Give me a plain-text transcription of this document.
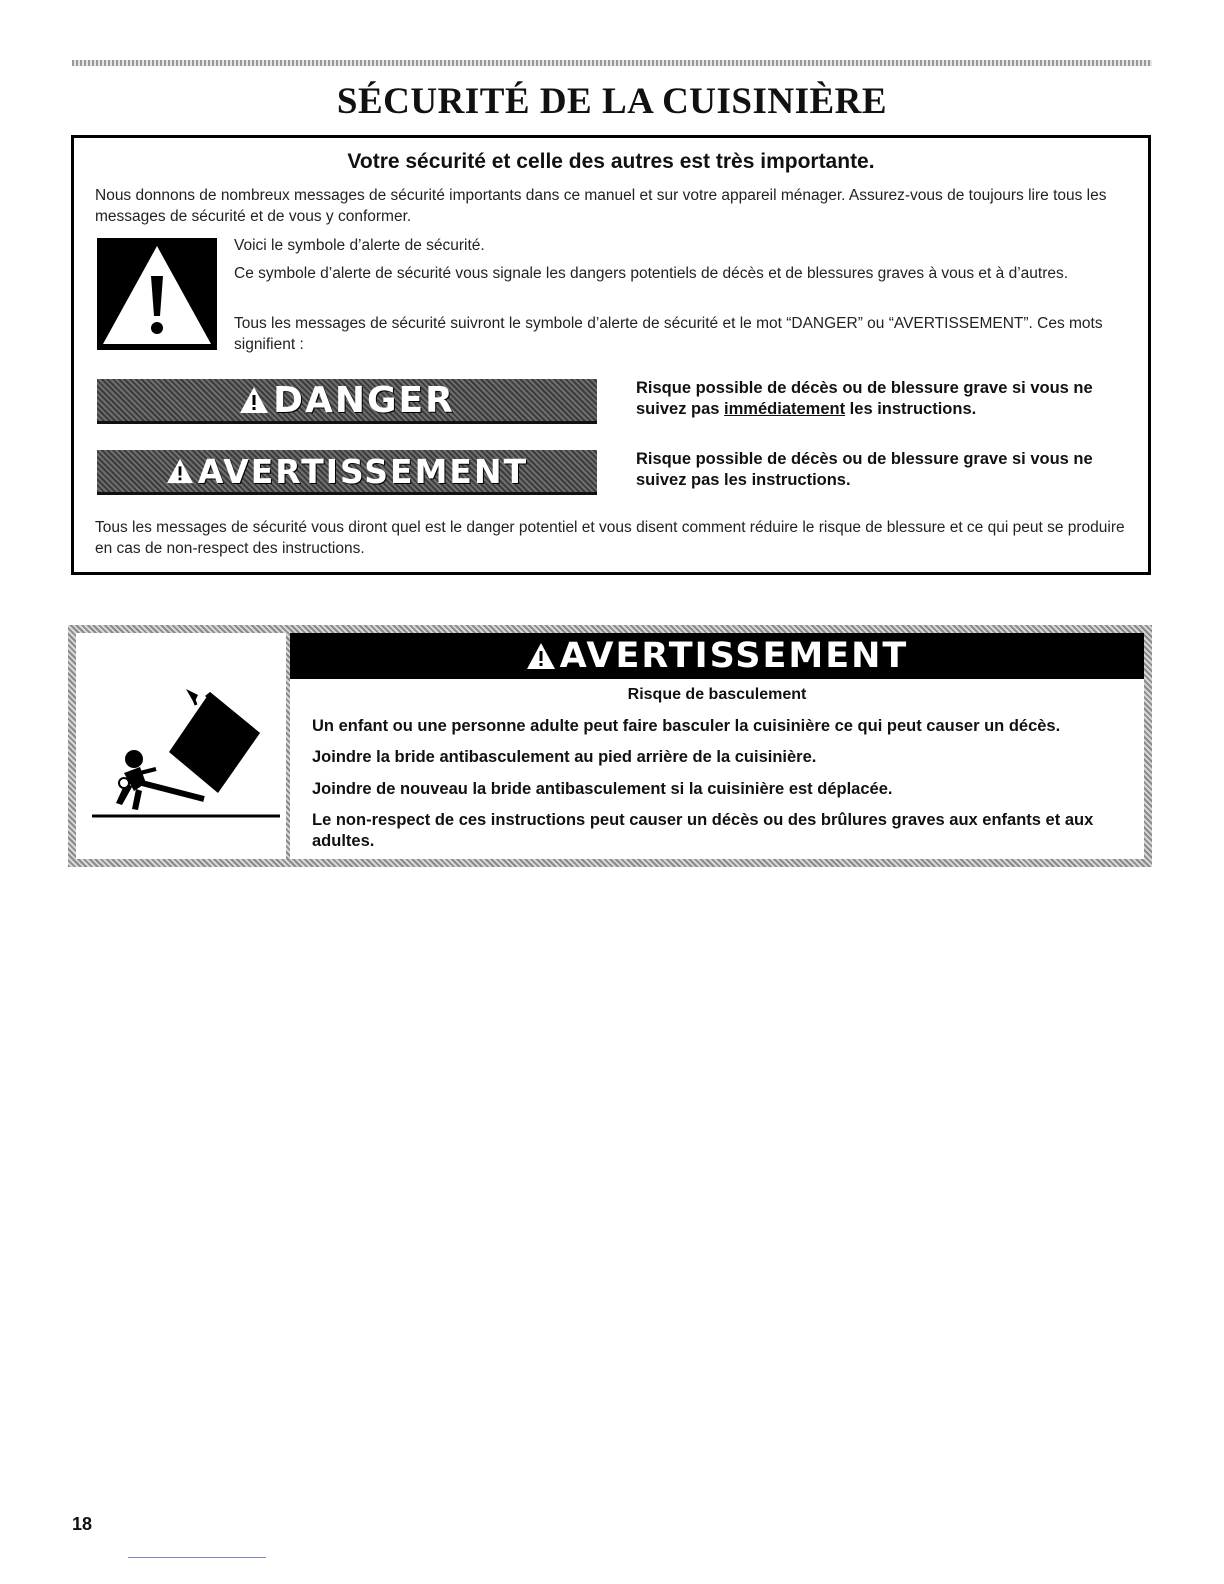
SÉCURITÉ DE LA CUISINIÈRE
Votre sécurité et celle des autres est très importante.

Nous donnons de nombreux messages de sécurité importants dans ce manuel et sur votre appareil ménager. Assurez-vous de toujours lire tous les messages de sécurité et de vous y conformer.

Voici le symbole d’alerte de sécurité.

Ce symbole d’alerte de sécurité vous signale les dangers potentiels de décès et de blessures graves à vous et à d’autres.

Tous les messages de sécurité suivront le symbole d’alerte de sécurité et le mot “DANGER” ou “AVERTISSEMENT”. Ces mots signifient :

DANGER	Risque possible de décès ou de blessure grave si vous ne suivez pas immédiatement les instructions.

AVERTISSEMENT	Risque possible de décès ou de blessure grave si vous ne suivez pas les instructions.

Tous les messages de sécurité vous diront quel est le danger potentiel et vous disent comment réduire le risque de blessure et ce qui peut se produire en cas de non-respect des instructions.

AVERTISSEMENT

Risque de basculement

Un enfant ou une personne adulte peut faire basculer la cuisinière ce qui peut causer un décès.

Joindre la bride antibasculement au pied arrière de la cuisinière.

Joindre de nouveau la bride antibasculement si la cuisinière est déplacée.

Le non-respect de ces instructions peut causer un décès ou des brûlures graves aux enfants et aux adultes.

18
